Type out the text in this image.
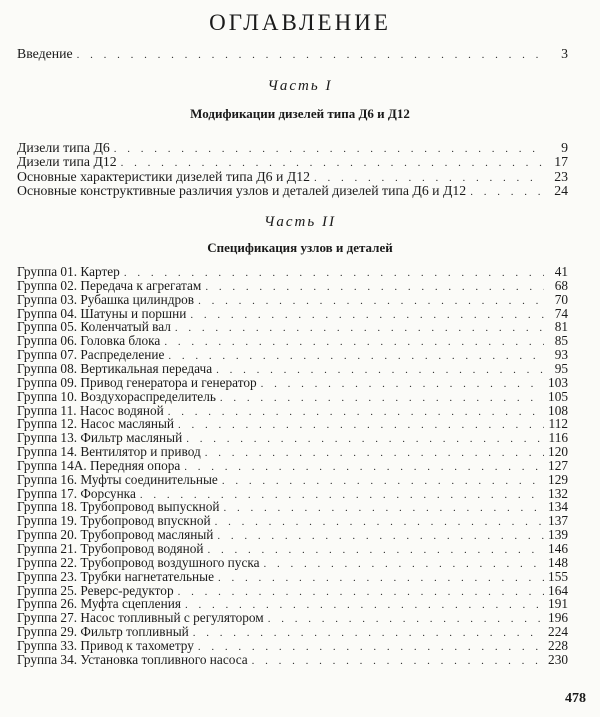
ОГЛАВЛЕНИЕ
Введение . . .	3
Часть I
Модификации дизелей типа Д6 и Д12
Дизели типа Д6 . . .	9
Дизели типа Д12 . . .	17
Основные характеристики дизелей типа Д6 и Д12 . . .	23
Основные конструктивные различия узлов и деталей дизелей типа Д6 и Д12 . . .	24
Часть II
Спецификация узлов и деталей
Группа 01. Картер . . .	41
Группа 02. Передача к агрегатам . . .	68
Группа 03. Рубашка цилиндров . . .	70
Группа 04. Шатуны и поршни . . .	74
Группа 05. Коленчатый вал . . .	81
Группа 06. Головка блока . . .	85
Группа 07. Распределение . . .	93
Группа 08. Вертикальная передача . . .	95
Группа 09. Привод генератора и генератор . . .	103
Группа 10. Воздухораспределитель . . .	105
Группа 11. Насос водяной . . .	108
Группа 12. Насос масляный . . .	112
Группа 13. Фильтр масляный . . .	116
Группа 14. Вентилятор и привод . . .	120
Группа 14А. Передняя опора . . .	127
Группа 16. Муфты соединительные . . .	129
Группа 17. Форсунка . . .	132
Группа 18. Трубопровод выпускной . . .	134
Группа 19. Трубопровод впускной . . .	137
Группа 20. Трубопровод масляный . . .	139
Группа 21. Трубопровод водяной . . .	146
Группа 22. Трубопровод воздушного пуска . . .	148
Группа 23. Трубки нагнетательные . . .	155
Группа 25. Реверс-редуктор . . .	164
Группа 26. Муфта сцепления . . .	191
Группа 27. Насос топливный с регулятором . . .	196
Группа 29. Фильтр топливный . . .	224
Группа 33. Привод к тахометру . . .	228
Группа 34. Установка топливного насоса . . .	230
478
